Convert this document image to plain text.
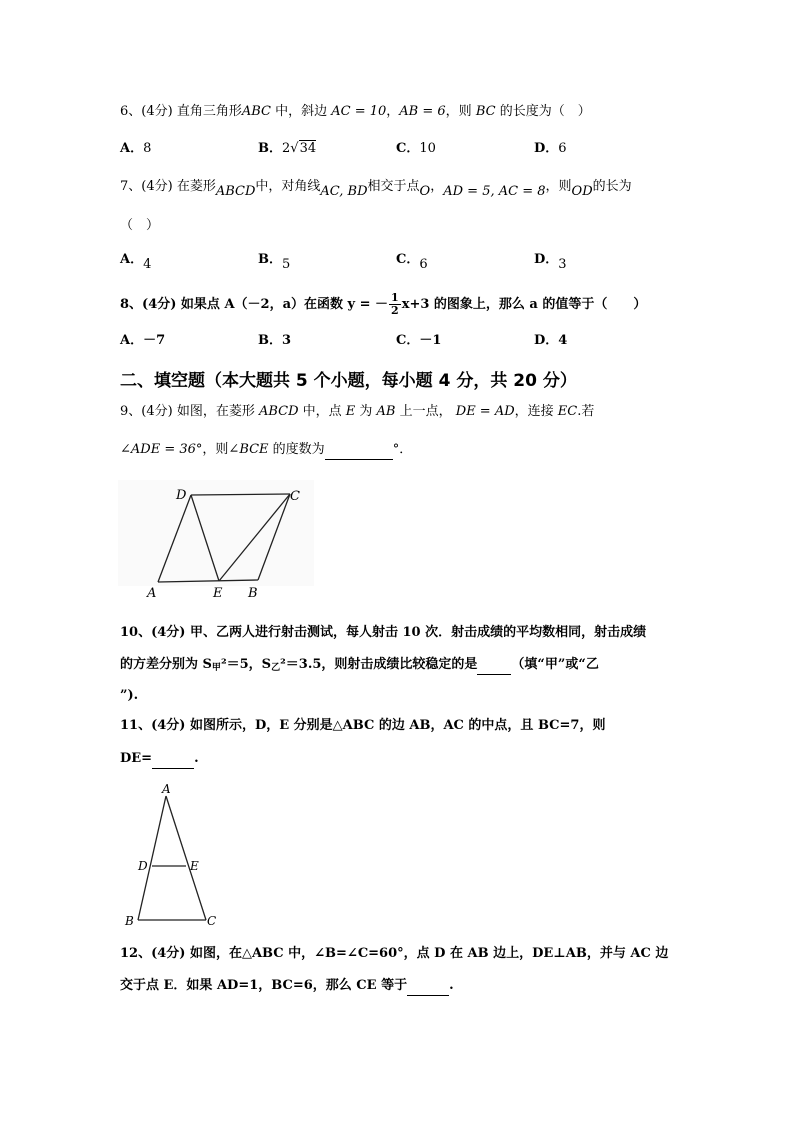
6、(4分) 直角三角形ABC 中，斜边 AC = 10，AB = 6，则 BC 的长度为（　）
A．8	B．2√34	C．10	D．6
7、(4分) 在菱形ABCD中，对角线AC, BD相交于点O，AD = 5, AC = 8，则OD的长为
（　）
A．4	B．5	C．6	D．3
8、(4分) 如果点 A（－2，a）在函数 y = － $\frac{1}{2} x+3$ 的图象上，那么 a 的值等于（　　）
A．－7	B．3	C．－1	D．4
二、填空题（本大题共 5 个小题，每小题 4 分，共 20 分）
9、(4分) 如图，在菱形 ABCD 中，点 E 为 AB 上一点， DE = AD，连接 EC.若
∠ADE = 36°，则∠BCE 的度数为	°．
D	C
A	E B
10、(4分) 甲、乙两人进行射击测试，每人射击 10 次．射击成绩的平均数相同，射击成绩
的方差分别为 $S_甲^2=5$，$S_乙^2=3.5$，则射击成绩比较稳定的是	（填“甲”或“乙
”).
11、(4分) 如图所示，D，E 分别是△ABC 的边 AB，AC 的中点，且 BC=7，则
DE=	.
A
D	E
B	C
12、(4分) 如图，在△ABC 中，∠B=∠C=60°，点 D 在 AB 边上，DE⊥AB，并与 AC 边
交于点 E．如果 AD=1，BC=6，那么 CE 等于	.
